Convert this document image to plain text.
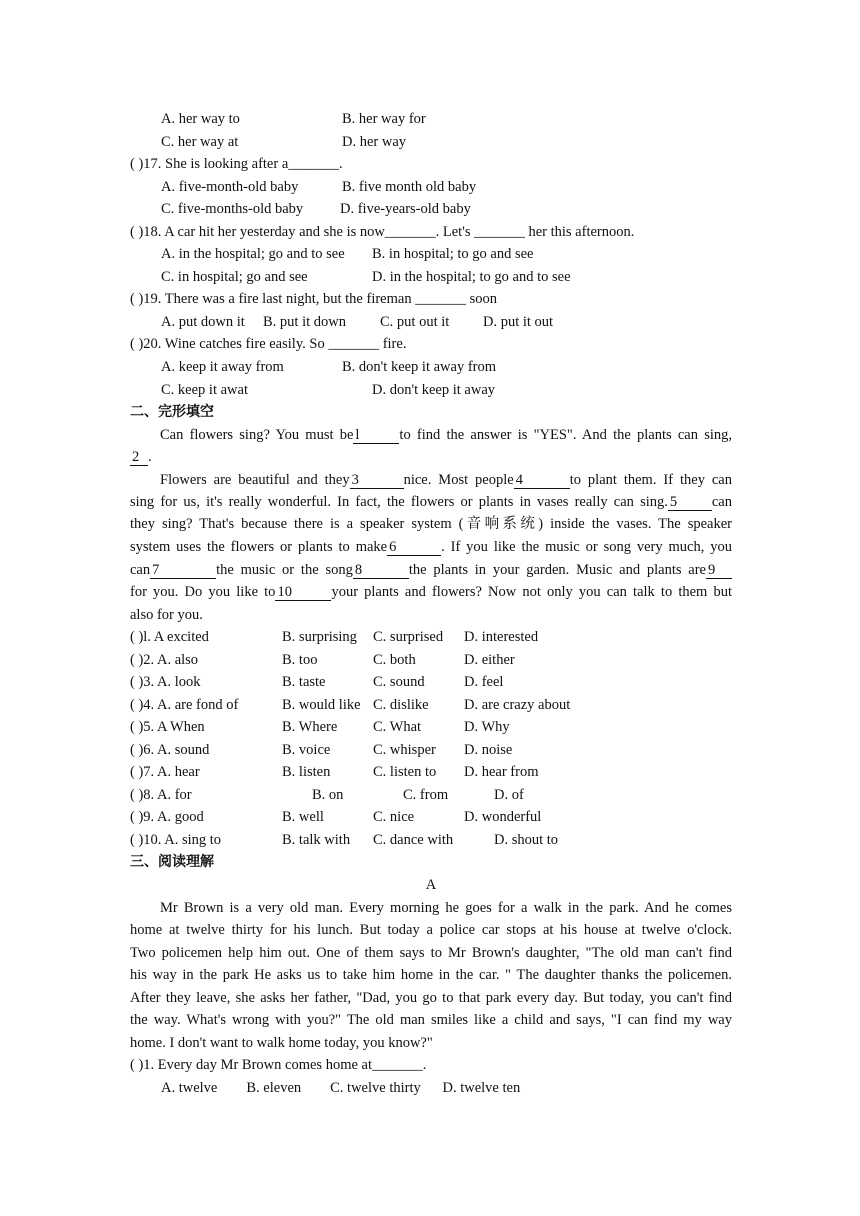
A. her way to	B. her way for
C. her way at	D. her way
( )17. She is looking after a_______.
A. five-month-old baby	B. five month old baby
C. five-months-old baby	D. five-years-old baby
( )18. A car hit her yesterday and she is now_______. Let's _______ her this afternoon.
A. in the hospital; go and to see B. in hospital; to go and see
C. in hospital; go and see	D. in the hospital; to go and to see
( )19. There was a fire last night, but the fireman _______ soon
A. put down it B. put it down C. put out it D. put it out
( )20. Wine catches fire easily. So _______ fire.
A. keep it away from	B. don't keep it away from
C. keep it awat	D. don't keep it away
二、完形填空
Can flowers sing? You must be l	to find the answer is "YES". And the plants can sing,
2 .
Flowers are beautiful and they 3	nice. Most people 4	to plant them. If they can
sing for us, it's really wonderful. In fact, the flowers or plants in vases really can sing. 5 can
they sing? That's because there is a speaker system (音响系统) inside the vases. The speaker
system uses the flowers or plants to make 6	. If you like the music or song very much, you
can 7	the music or the song 8	the plants in your garden. Music and plants are 9
for you. Do you like to 10	your plants and flowers? Now not only you can talk to them but
also for you.
( )l. A excited	B. surprising C. surprised D. interested
( )2. A. also	B. too	C. both	D. either
( )3. A. look	B. taste	C. sound	D. feel
( )4. A. are fond of	B. would like C. dislike D. are crazy about
( )5. A When	B. Where C. What	D. Why
( )6. A. sound	B. voice	C. whisper D. noise
( )7. A. hear	B. listen	C. listen to D. hear from
( )8. A. for	B. on	C. from	D. of
( )9. A. good	B. well	C. nice	D. wonderful
( )10. A. sing to	B. talk with C. dance with	D. shout to
三、阅读理解
A
Mr Brown is a very old man. Every morning he goes for a walk in the park. And he comes
home at twelve thirty for his lunch. But today a police car stops at his house at twelve o'clock.
Two policemen help him out. One of them says to Mr Brown's daughter, "The old man can't find
his way in the park He asks us to take him home in the car. " The daughter thanks the policemen.
After they leave, she asks her father, "Dad, you go to that park every day. But today, you can't find
the way. What's wrong with you?" The old man smiles like a child and says, "I can find my way
home. I don't want to walk home today, you know?"
( )1. Every day Mr Brown comes home at_______.
A. twelve        B. eleven        C. twelve thirty      D. twelve ten
